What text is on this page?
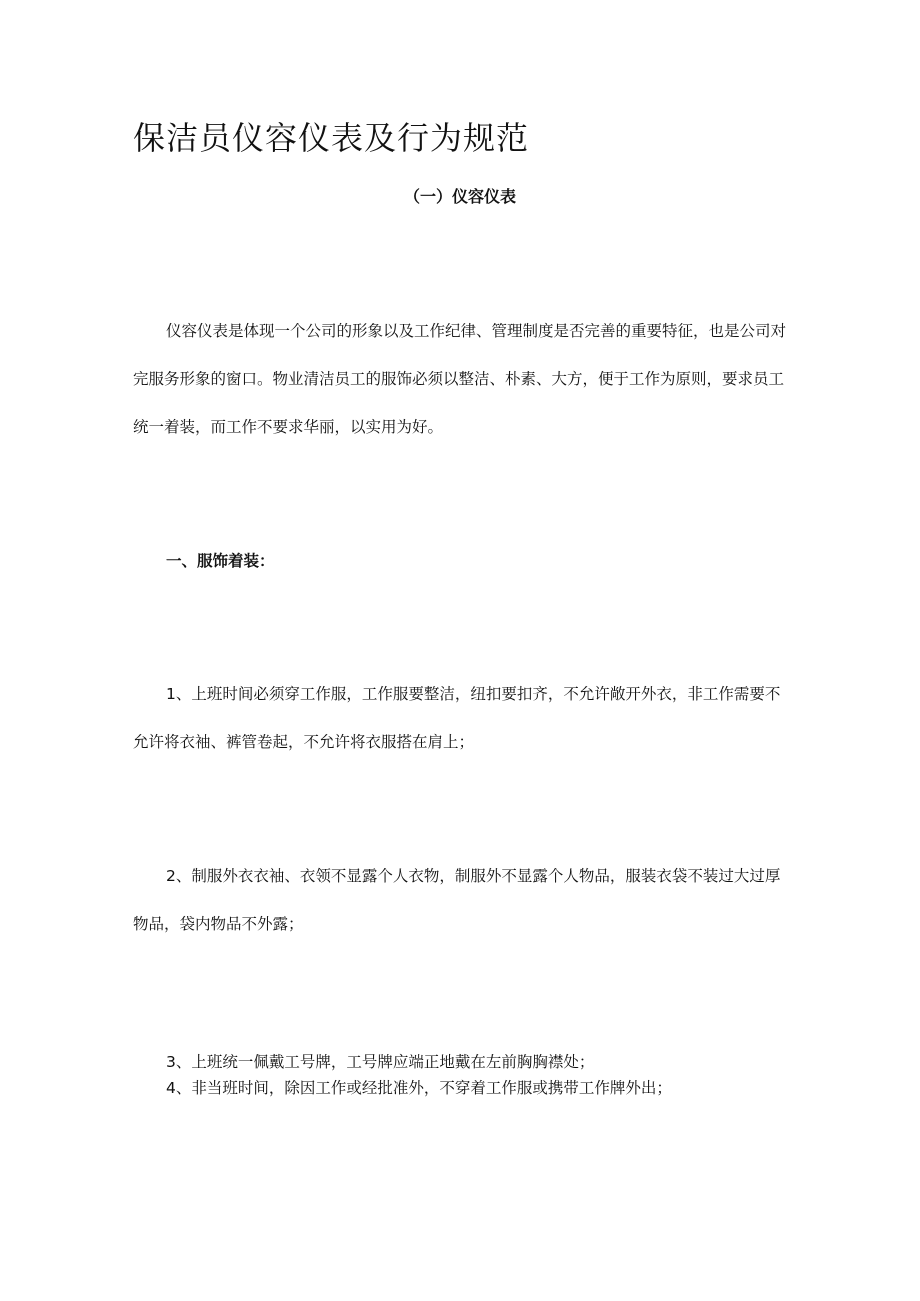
保洁员仪容仪表及行为规范
（一）仪容仪表

仪容仪表是体现一个公司的形象以及工作纪律、管理制度是否完善的重要特征，也是公司对完服务形象的窗口。物业清洁员工的服饰必须以整洁、朴素、大方，便于工作为原则，要求员工统一着装，而工作不要求华丽，以实用为好。

一、服饰着装：

1、上班时间必须穿工作服，工作服要整洁，纽扣要扣齐，不允许敞开外衣，非工作需要不允许将衣袖、裤管卷起，不允许将衣服搭在肩上；

2、制服外衣衣袖、衣领不显露个人衣物，制服外不显露个人物品，服装衣袋不装过大过厚物品，袋内物品不外露；

3、上班统一佩戴工号牌，工号牌应端正地戴在左前胸胸襟处；
4、非当班时间，除因工作或经批准外，不穿着工作服或携带工作牌外出；
